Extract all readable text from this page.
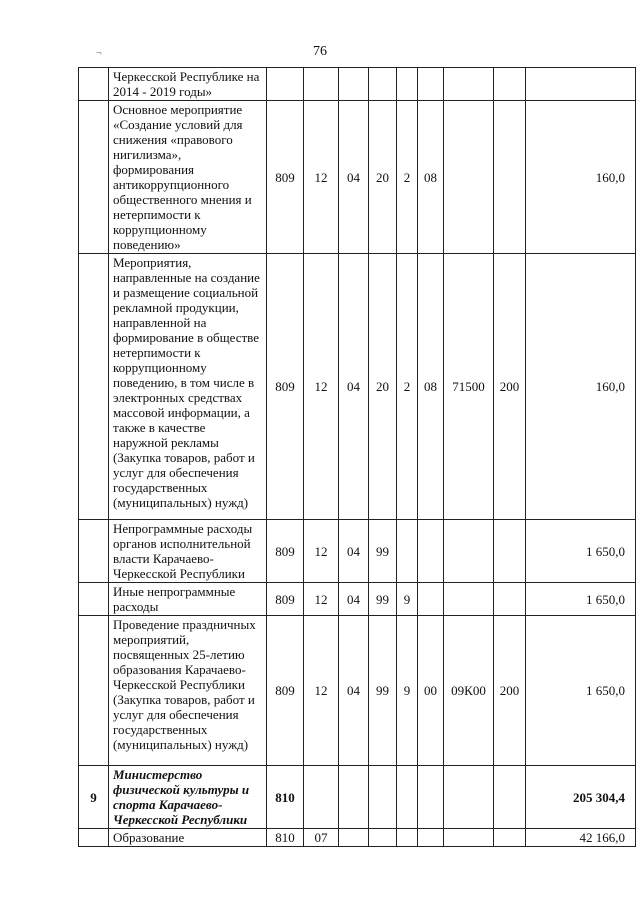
76
¬
	Черкесской Республике на 2014 - 2019 годы»									
	Основное мероприятие «Создание условий для снижения «правового нигилизма», формирования антикоррупционного общественного мнения и нетерпимости к коррупционному поведению»	809	12	04	20	2	08			160,0
	Мероприятия, направленные на создание и размещение социальной рекламной продукции, направленной на формирование в обществе нетерпимости к коррупционному поведению, в том числе в электронных средствах массовой информации, а также в качестве наружной рекламы (Закупка товаров, работ и услуг для обеспечения государственных (муниципальных) нужд)	809	12	04	20	2	08	71500	200	160,0
	Непрограммные расходы органов исполнительной власти Карачаево-Черкесской Республики	809	12	04	99					1 650,0
	Иные непрограммные расходы	809	12	04	99	9				1 650,0
	Проведение праздничных мероприятий, посвященных 25-летию образования Карачаево-Черкесской Республики (Закупка товаров, работ и услуг для обеспечения государственных (муниципальных) нужд)	809	12	04	99	9	00	09К00	200	1 650,0
9	Министерство физической культуры и спорта Карачаево-Черкесской Республики	810								205 304,4
	Образование	810	07							42 166,0
